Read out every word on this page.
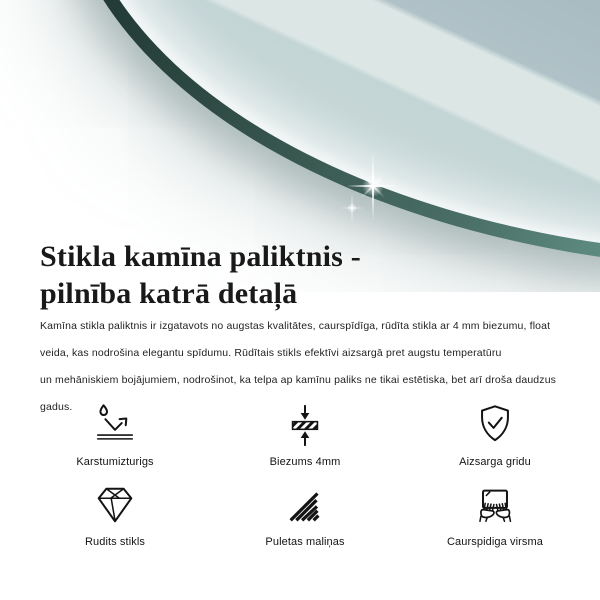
Stikla kamīna paliktnis -
pilnība katrā detaļā
Kamīna stikla paliktnis ir izgatavots no augstas kvalitātes, caurspīdīga, rūdīta stikla ar 4 mm biezumu, float
veida, kas nodrošina elegantu spīdumu. Rūdītais stikls efektīvi aizsargā pret augstu temperatūru
un mehāniskiem bojājumiem, nodrošinot, ka telpa ap kamīnu paliks ne tikai estētiska, bet arī droša daudzus
gadus.
Karstumizturigs	Biezums 4mm	Aizsarga gridu
Rudits stikls	Puletas maliņas	Caurspidiga virsma
